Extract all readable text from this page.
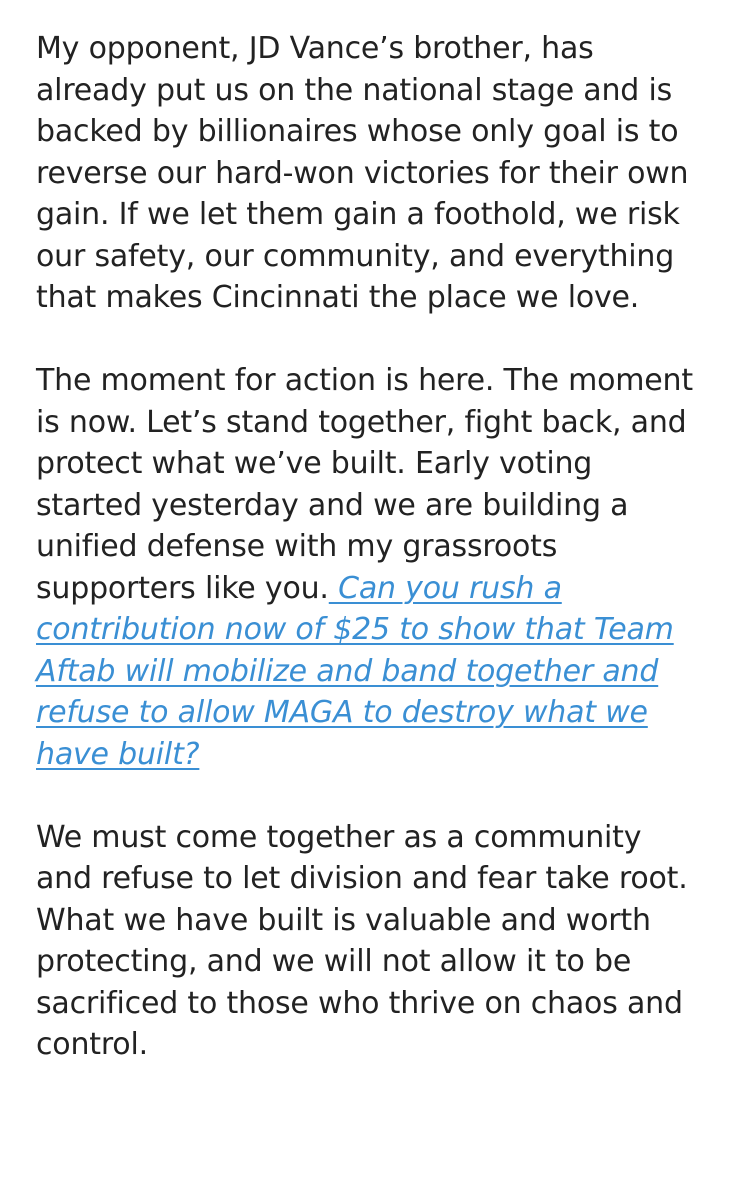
My opponent, JD Vance’s brother, has already put us on the national stage and is backed by billionaires whose only goal is to reverse our hard-won victories for their own gain. If we let them gain a foothold, we risk our safety, our community, and everything that makes Cincinnati the place we love.

The moment for action is here. The moment is now. Let’s stand together, fight back, and protect what we’ve built. Early voting started yesterday and we are building a unified defense with my grassroots supporters like you. Can you rush a contribution now of $25 to show that Team Aftab will mobilize and band together and refuse to allow MAGA to destroy what we have built?

We must come together as a community and refuse to let division and fear take root. What we have built is valuable and worth protecting, and we will not allow it to be sacrificed to those who thrive on chaos and control.
